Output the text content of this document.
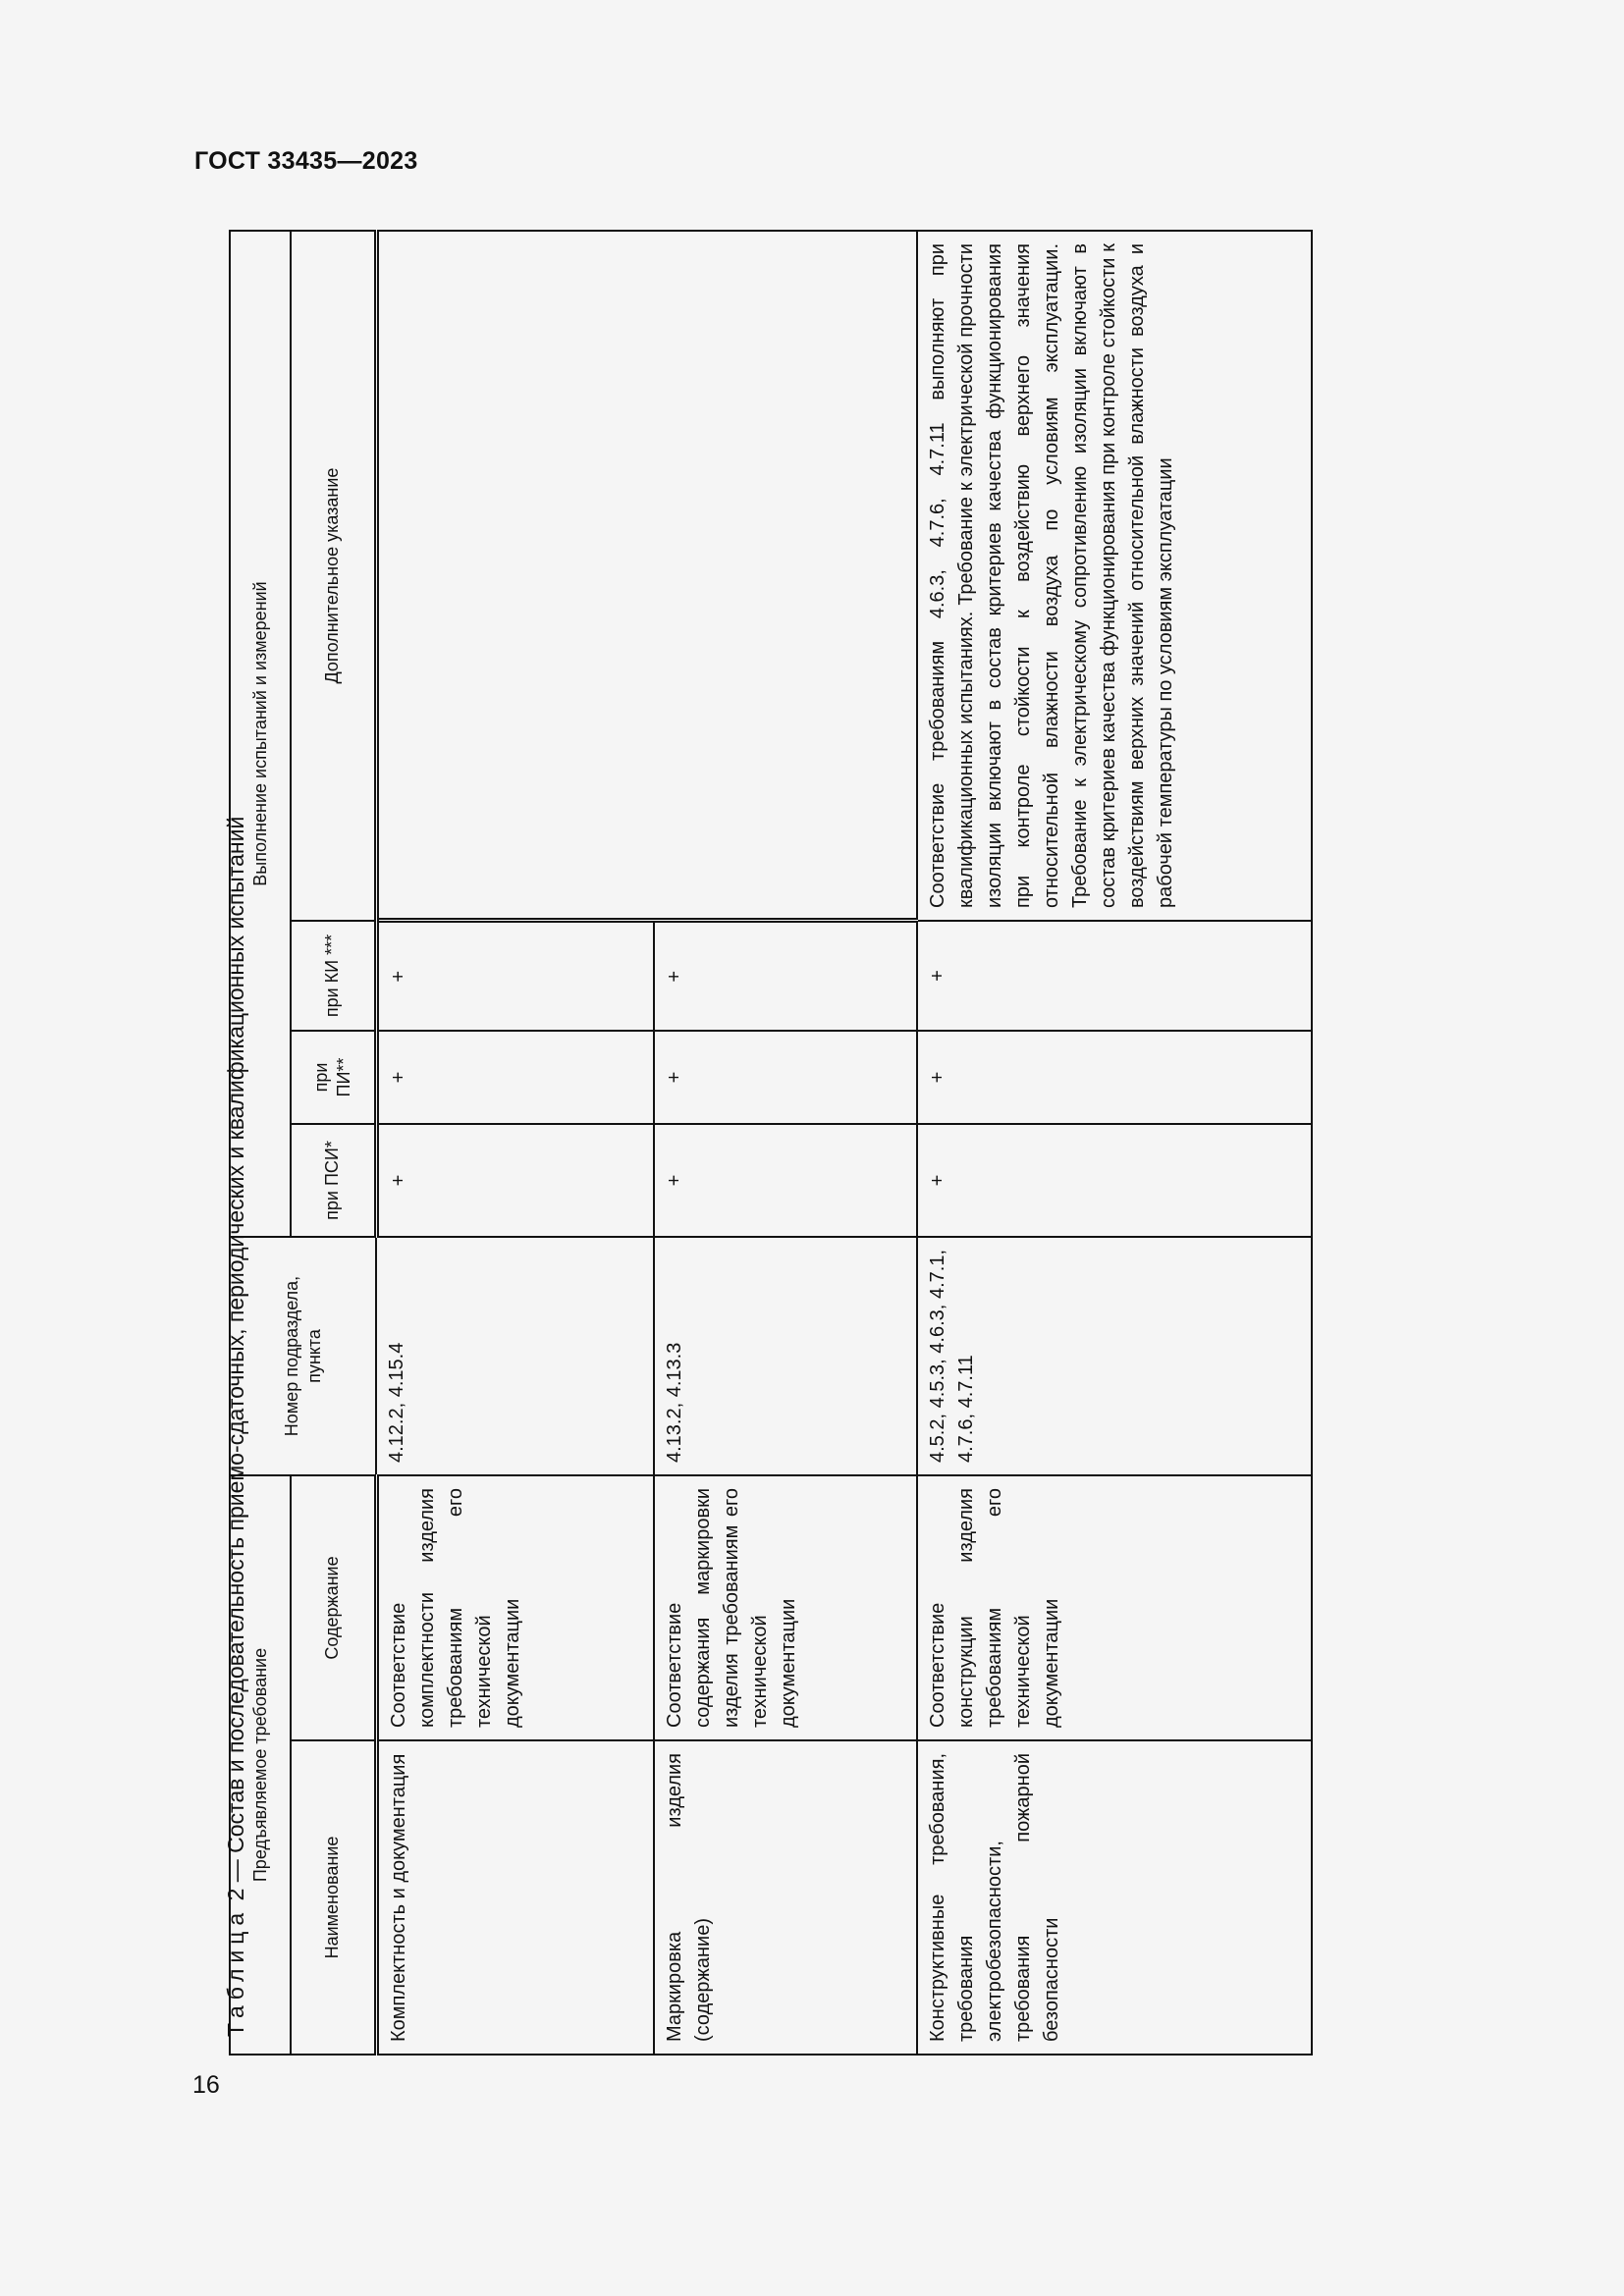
ГОСТ 33435—2023
Таблица 2 — Состав и последовательность приемо-сдаточных, периодических и квалификационных испытаний Предъявляемое требование		Номер подраздела, пункта	Выполнение испытаний и измерений			
Наименование	Содержание		при ПСИ*	при ПИ**	при КИ ***	Дополнительное указание
Комплектность и документация	Соответствие комплектности изделия требованиям его технической документации	4.12.2, 4.15.4	+	+	+	
Маркировка изделия (содержание)	Соответствие содержания маркировки изделия требованиям его технической документации	4.13.2, 4.13.3	+	+	+	
Конструктивные требования, требования электробезопасности, требования пожарной безопасности	Соответствие конструкции изделия требованиям его технической документации	4.5.2, 4.5.3, 4.6.3, 4.7.1, 4.7.6, 4.7.11	+	+	+	Соответствие требованиям 4.6.3, 4.7.6, 4.7.11 выполняют при квалификационных испытаниях. Требование к электрической прочности изоляции включают в состав критериев качества функционирования при контроле стойкости к воздействию верхнего значения относительной влажности воздуха по условиям эксплуатации. Требование к электрическому сопротивлению изоляции включают в состав критериев качества функционирования при контроле стойкости к воздействиям верхних значений относительной влажности воздуха и рабочей температуры по условиям эксплуатации
16
